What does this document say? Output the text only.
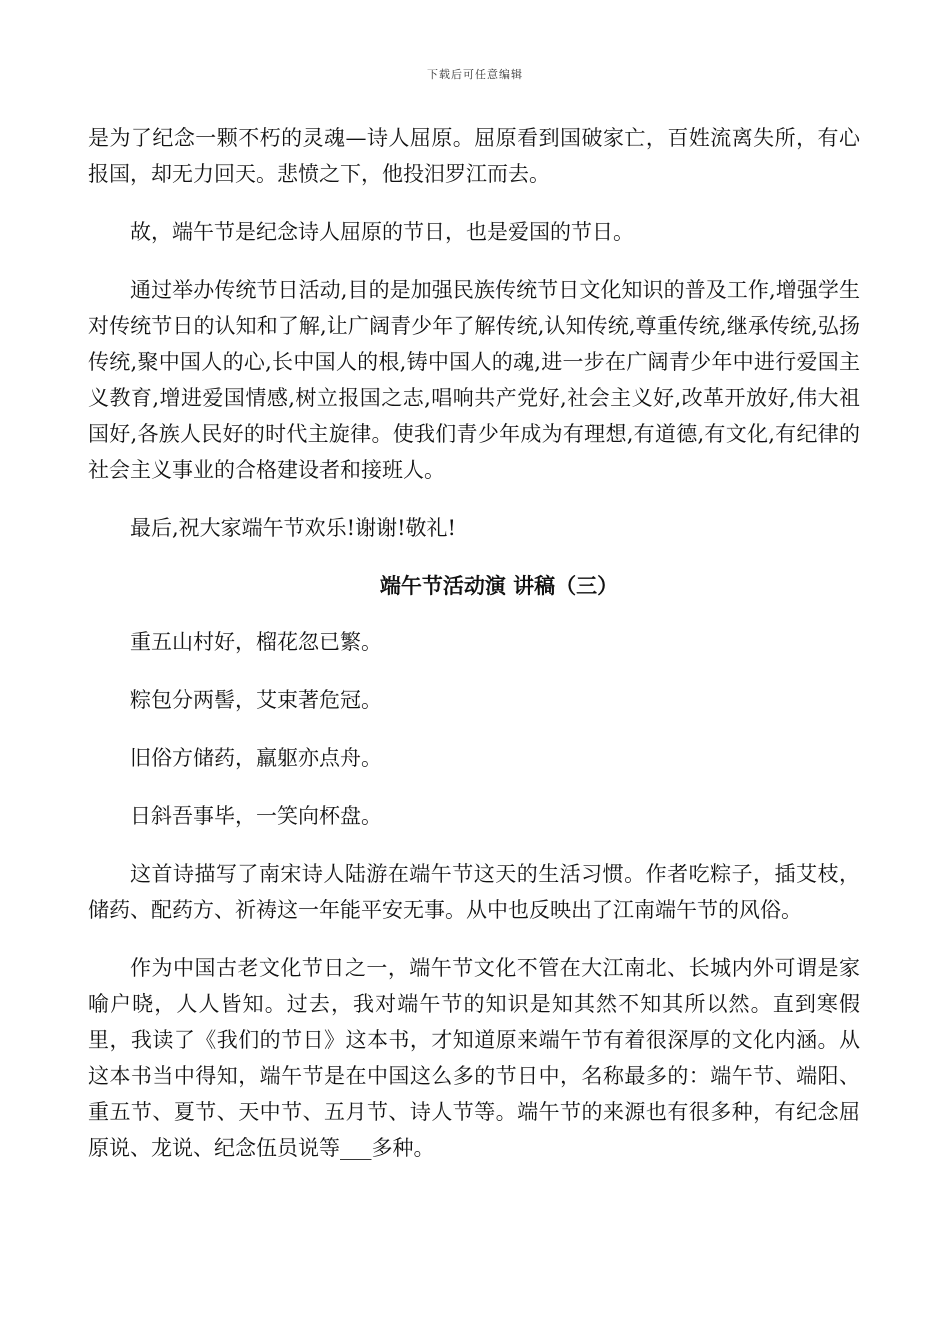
下载后可任意编辑

是为了纪念一颗不朽的灵魂—诗人屈原。屈原看到国破家亡，百姓流离失所，有心报国，却无力回天。悲愤之下，他投汨罗江而去。

故，端午节是纪念诗人屈原的节日，也是爱国的节日。

通过举办传统节日活动,目的是加强民族传统节日文化知识的普及工作,增强学生对传统节日的认知和了解,让广阔青少年了解传统,认知传统,尊重传统,继承传统,弘扬传统,聚中国人的心,长中国人的根,铸中国人的魂,进一步在广阔青少年中进行爱国主义教育,增进爱国情感,树立报国之志,唱响共产党好,社会主义好,改革开放好,伟大祖国好,各族人民好的时代主旋律。使我们青少年成为有理想,有道德,有文化,有纪律的社会主义事业的合格建设者和接班人。

最后,祝大家端午节欢乐!谢谢!敬礼!

端午节活动演 讲稿（三）

重五山村好，榴花忽已繁。

粽包分两髻，艾束著危冠。

旧俗方储药，羸躯亦点舟。

日斜吾事毕，一笑向杯盘。

这首诗描写了南宋诗人陆游在端午节这天的生活习惯。作者吃粽子，插艾枝，储药、配药方、祈祷这一年能平安无事。从中也反映出了江南端午节的风俗。

作为中国古老文化节日之一，端午节文化不管在大江南北、长城内外可谓是家喻户晓，人人皆知。过去，我对端午节的知识是知其然不知其所以然。直到寒假里，我读了《我们的节日》这本书，才知道原来端午节有着很深厚的文化内涵。从这本书当中得知，端午节是在中国这么多的节日中，名称最多的：端午节、端阳、重五节、夏节、天中节、五月节、诗人节等。端午节的来源也有很多种，有纪念屈原说、龙说、纪念伍员说等___多种。
